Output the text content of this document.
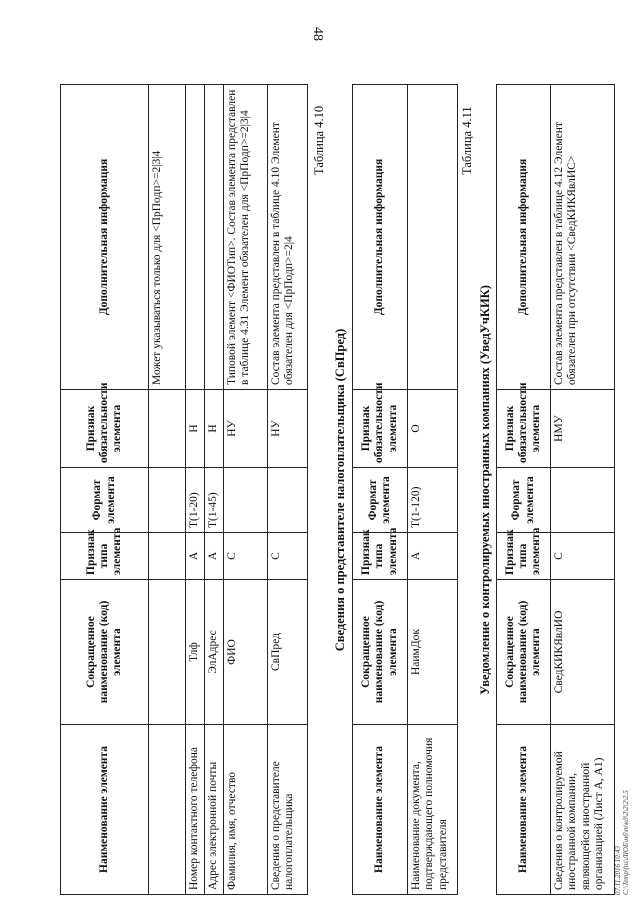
Наименование элемента	Сокращенное наименование (код) элемента	Признак типа элемента	Формат элемента	Признак обязательности элемента	Дополнительная информация
					Может указываться только для <ПрПодп>=2|3|4
Номер контактного телефона	Тлф	А	T(1-20)	Н	
Адрес электронной почты	ЭлАдрес	А	T(1-45)	Н	
Фамилия, имя, отчество	ФИО	С		НУ	Типовой элемент <ФИОТип>. Состав элемента представлен в таблице 4.31 Элемент обязателен для <ПрПодп>=2|3|4
Сведения о представителе налогоплательщика	СвПред	С		НУ	Состав элемента представлен в таблице 4.10 Элемент обязателен для <ПрПодп>=2|4
Таблица 4.10
Сведения о представителе налогоплательщика (СвПред)
Наименование элемента	Сокращенное наименование (код) элемента	Признак типа элемента	Формат элемента	Признак обязательности элемента	Дополнительная информация
Наименование документа, подтверждающего полномочия представителя	НаимДок	А	T(1-120)	О	
Таблица 4.11
Уведомление о контролируемых иностранных компаниях (УведУчКИК)
Наименование элемента	Сокращенное наименование (код) элемента	Признак типа элемента	Формат элемента	Признак обязательности элемента	Дополнительная информация
Сведения о контролируемой иностранной компании, являющейся иностранной организацией (Лист А, А1)	СведКИКЯвлИО	С		НМУ	Состав элемента представлен в таблице 4.12 Элемент обязателен при отсутствии <СведКИКЯвлИС>
07.11.2016 10:43 С:\Temp\fns\ЛЮБ\мб\т\кд\2\2\2\2.5
48
